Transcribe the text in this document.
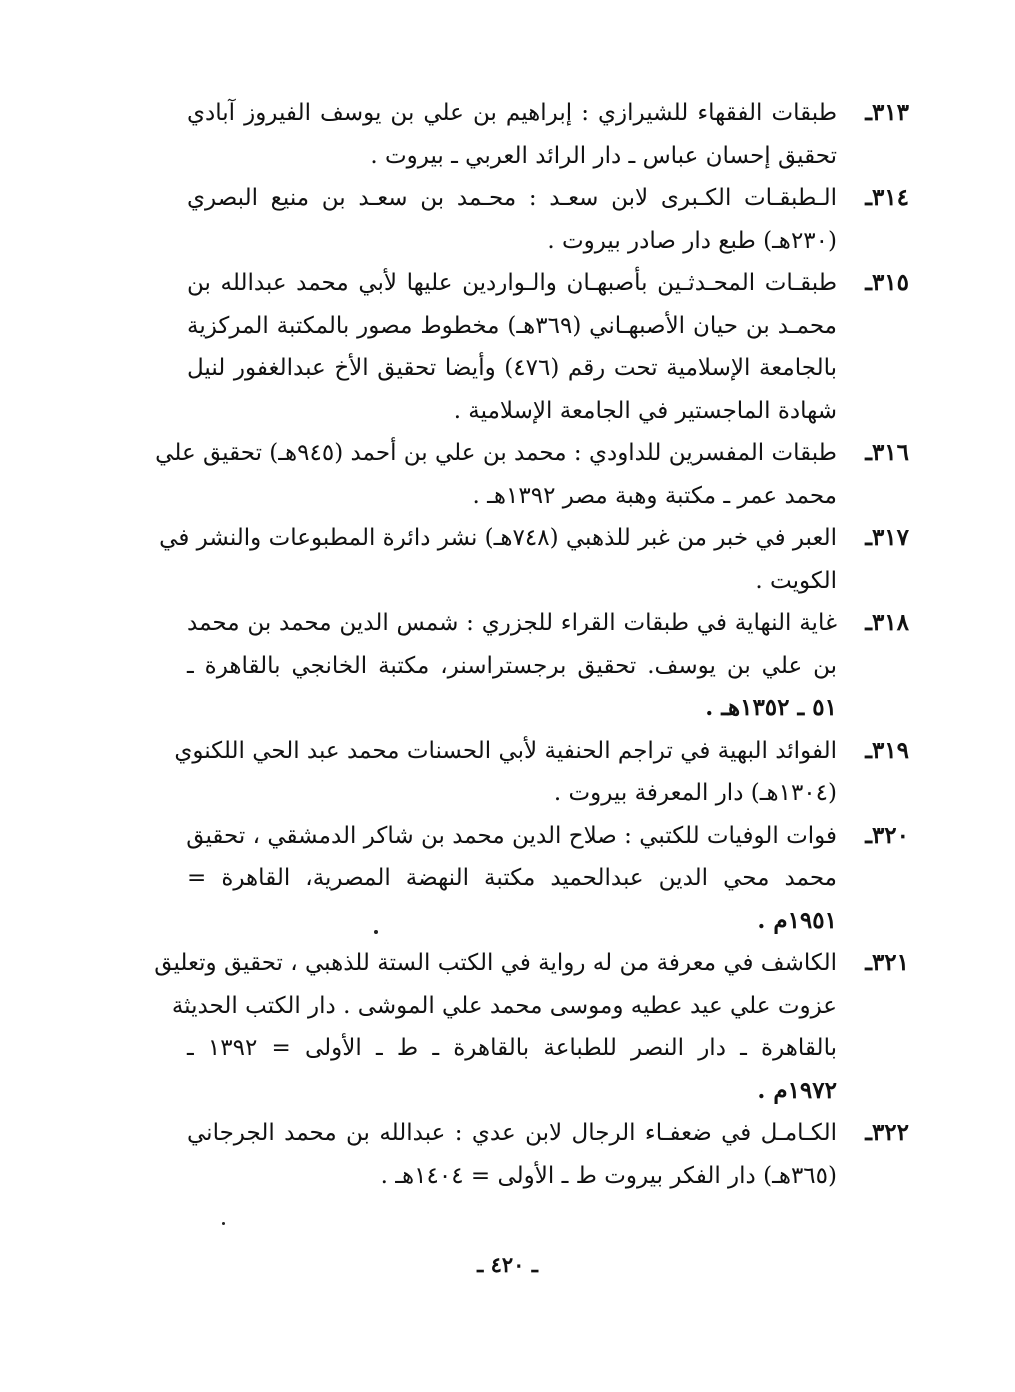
٣١٣ـ
طبقات الفقهاء للشيرازي : إبراهيم بن علي بن يوسف الفيروز آبادي
تحقيق إحسان عباس ـ دار الرائد العربي ـ بيروت .
٣١٤ـ
الـطبقـات الكـبرى لابن سعـد : محـمد بن سعـد بن منيع البصري
(٢٣٠هـ) طبع دار صادر بيروت .
٣١٥ـ
طبقـات المحـدثـين بأصبهـان والـواردين عليها لأبي محمد عبدالله بن
محمـد بن حيان الأصبهـاني (٣٦٩هـ) مخطوط مصور بالمكتبة المركزية
بالجامعة الإسلامية تحت رقم (٤٧٦) وأيضا تحقيق الأخ عبدالغفور لنيل
شهادة الماجستير في الجامعة الإسلامية .
٣١٦ـ
طبقات المفسرين للداودي : محمد بن علي بن أحمد (٩٤٥هـ) تحقيق علي
محمد عمر ـ مكتبة وهبة مصر ١٣٩٢هـ .
٣١٧ـ
العبر في خبر من غبر للذهبي (٧٤٨هـ) نشر دائرة المطبوعات والنشر في
الكويت .
٣١٨ـ
غاية النهاية في طبقات القراء للجزري : شمس الدين محمد بن محمد
بن علي بن يوسف. تحقيق برجستراسنر، مكتبة الخانجي بالقاهرة ـ
٥١ ـ ١٣٥٢هـ .
٣١٩ـ
الفوائد البهية في تراجم الحنفية لأبي الحسنات محمد عبد الحي اللكنوي
(١٣٠٤هـ) دار المعرفة بيروت .
٣٢٠ـ
فوات الوفيات للكتبي : صلاح الدين محمد بن شاكر الدمشقي ، تحقيق
محمد محي الدين عبدالحميد مكتبة النهضة المصرية، القاهرة =
١٩٥١م .
٣٢١ـ
الكاشف في معرفة من له رواية في الكتب الستة للذهبي ، تحقيق وتعليق
عزوت علي عيد عطيه وموسى محمد علي الموشى . دار الكتب الحديثة
بالقاهرة ـ دار النصر للطباعة بالقاهرة ـ ط ـ الأولى = ١٣٩٢ ـ
١٩٧٢م .
٣٢٢ـ
الكـامـل في ضعفـاء الرجال لابن عدي : عبدالله بن محمد الجرجاني
(٣٦٥هـ) دار الفكر بيروت ط ـ الأولى = ١٤٠٤هـ .
ـ ٤٢٠ ـ
